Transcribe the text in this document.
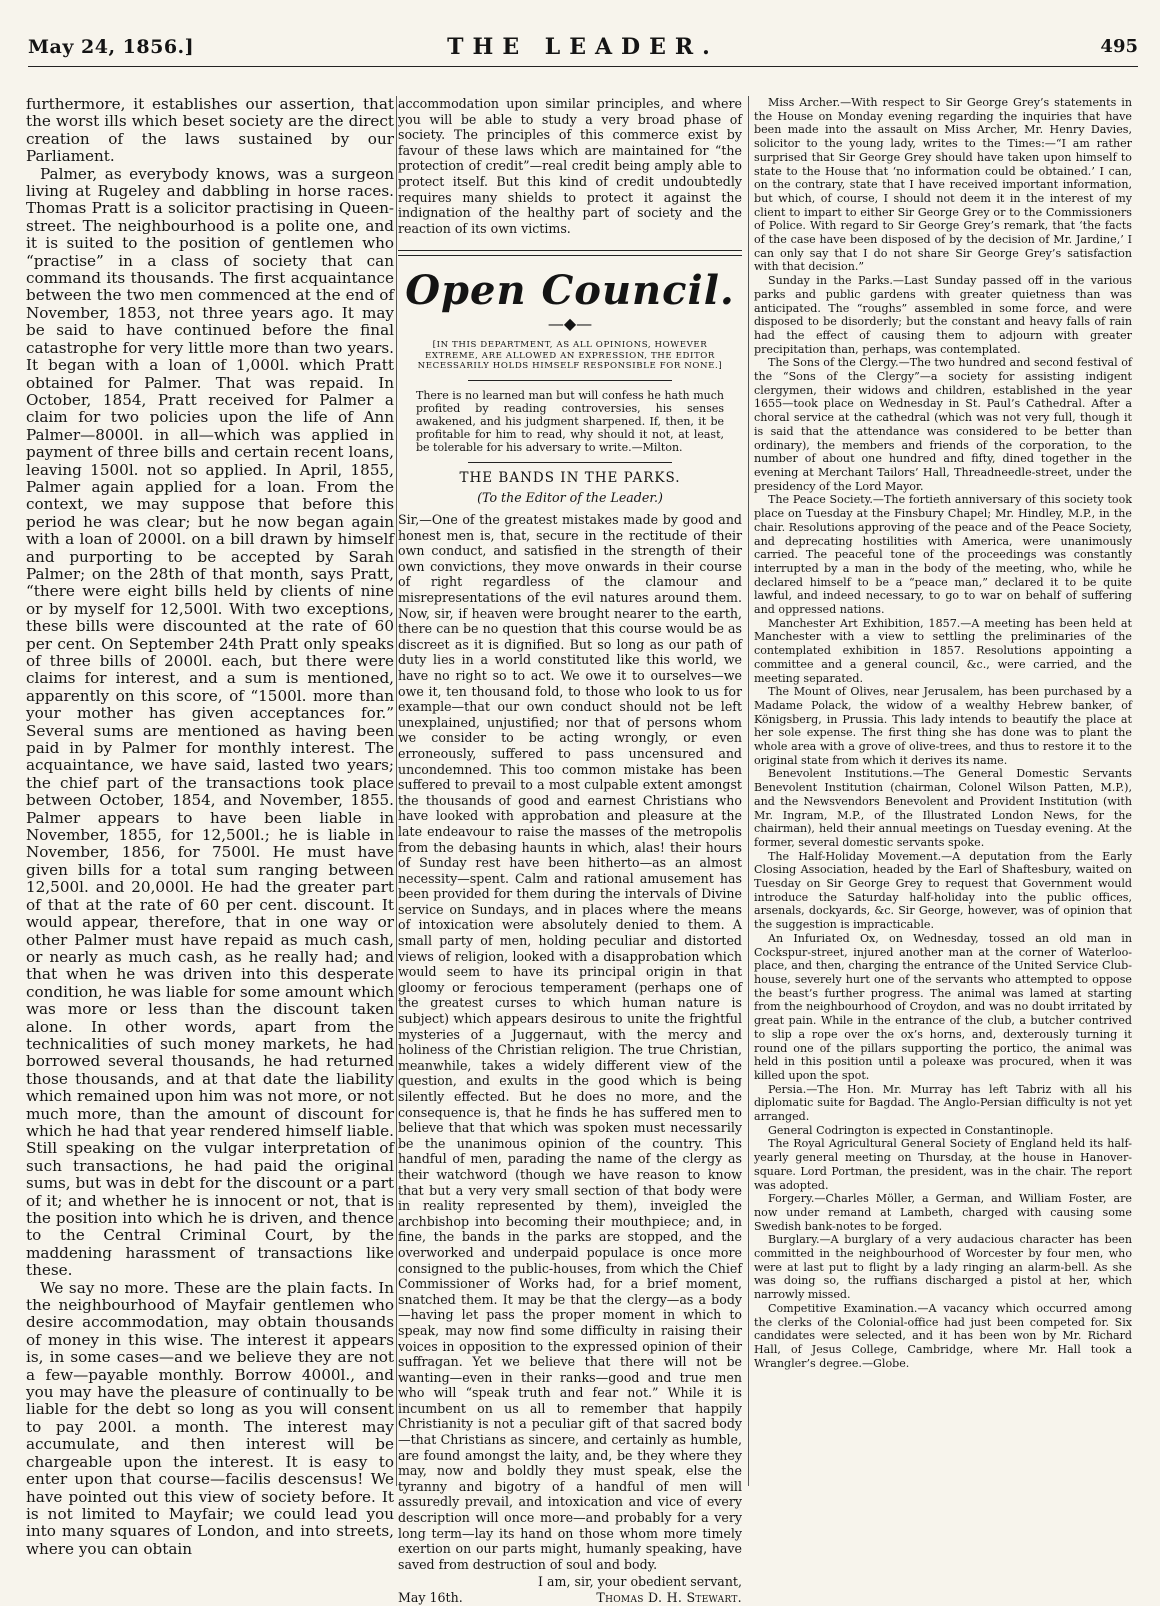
May 24, 1856.]	THE LEADER.	495

furthermore, it establishes our assertion, that the worst ills which beset society are the direct creation of the laws sustained by our Parliament.

Palmer, as everybody knows, was a surgeon living at Rugeley and dabbling in horse races. Thomas Pratt is a solicitor practising in Queen-street. The neighbourhood is a polite one, and it is suited to the position of gentlemen who “practise” in a class of society that can command its thousands. The first acquaintance between the two men commenced at the end of November, 1853, not three years ago. It may be said to have continued before the final catastrophe for very little more than two years. It began with a loan of 1,000l. which Pratt obtained for Palmer. That was repaid. In October, 1854, Pratt received for Palmer a claim for two policies upon the life of Ann Palmer—8000l. in all—which was applied in payment of three bills and certain recent loans, leaving 1500l. not so applied. In April, 1855, Palmer again applied for a loan. From the context, we may suppose that before this period he was clear; but he now began again with a loan of 2000l. on a bill drawn by himself and purporting to be accepted by Sarah Palmer; on the 28th of that month, says Pratt, “there were eight bills held by clients of nine or by myself for 12,500l. With two exceptions, these bills were discounted at the rate of 60 per cent. On September 24th Pratt only speaks of three bills of 2000l. each, but there were claims for interest, and a sum is mentioned, apparently on this score, of “1500l. more than your mother has given acceptances for.” Several sums are mentioned as having been paid in by Palmer for monthly interest. The acquaintance, we have said, lasted two years; the chief part of the transactions took place between October, 1854, and November, 1855. Palmer appears to have been liable in November, 1855, for 12,500l.; he is liable in November, 1856, for 7500l. He must have given bills for a total sum ranging between 12,500l. and 20,000l. He had the greater part of that at the rate of 60 per cent. discount. It would appear, therefore, that in one way or other Palmer must have repaid as much cash, or nearly as much cash, as he really had; and that when he was driven into this desperate condition, he was liable for some amount which was more or less than the discount taken alone. In other words, apart from the technicalities of such money markets, he had borrowed several thousands, he had returned those thousands, and at that date the liability which remained upon him was not more, or not much more, than the amount of discount for which he had that year rendered himself liable. Still speaking on the vulgar interpretation of such transactions, he had paid the original sums, but was in debt for the discount or a part of it; and whether he is innocent or not, that is the position into which he is driven, and thence to the Central Criminal Court, by the maddening harassment of transactions like these.

We say no more. These are the plain facts. In the neighbourhood of Mayfair gentlemen who desire accommodation, may obtain thousands of money in this wise. The interest it appears is, in some cases—and we believe they are not a few—payable monthly. Borrow 4000l., and you may have the pleasure of continually to be liable for the debt so long as you will consent to pay 200l. a month. The interest may accumulate, and then interest will be chargeable upon the interest. It is easy to enter upon that course—facilis descensus! We have pointed out this view of society before. It is not limited to Mayfair; we could lead you into many squares of London, and into streets, where you can obtain

accommodation upon similar principles, and where you will be able to study a very broad phase of society. The principles of this commerce exist by favour of these laws which are maintained for “the protection of credit”—real credit being amply able to protect itself. But this kind of credit undoubtedly requires many shields to protect it against the indignation of the healthy part of society and the reaction of its own victims.

Open Council.
—◆—
[IN THIS DEPARTMENT, AS ALL OPINIONS, HOWEVER EXTREME, ARE ALLOWED AN EXPRESSION, THE EDITOR NECESSARILY HOLDS HIMSELF RESPONSIBLE FOR NONE.]
There is no learned man but will confess he hath much profited by reading controversies, his senses awakened, and his judgment sharpened. If, then, it be profitable for him to read, why should it not, at least, be tolerable for his adversary to write.—Milton.
THE BANDS IN THE PARKS.
(To the Editor of the Leader.)

Sir,—One of the greatest mistakes made by good and honest men is, that, secure in the rectitude of their own conduct, and satisfied in the strength of their own convictions, they move onwards in their course of right regardless of the clamour and misrepresentations of the evil natures around them. Now, sir, if heaven were brought nearer to the earth, there can be no question that this course would be as discreet as it is dignified. But so long as our path of duty lies in a world constituted like this world, we have no right so to act. We owe it to ourselves—we owe it, ten thousand fold, to those who look to us for example—that our own conduct should not be left unexplained, unjustified; nor that of persons whom we consider to be acting wrongly, or even erroneously, suffered to pass uncensured and uncondemned. This too common mistake has been suffered to prevail to a most culpable extent amongst the thousands of good and earnest Christians who have looked with approbation and pleasure at the late endeavour to raise the masses of the metropolis from the debasing haunts in which, alas! their hours of Sunday rest have been hitherto—as an almost necessity—spent. Calm and rational amusement has been provided for them during the intervals of Divine service on Sundays, and in places where the means of intoxication were absolutely denied to them. A small party of men, holding peculiar and distorted views of religion, looked with a disapprobation which would seem to have its principal origin in that gloomy or ferocious temperament (perhaps one of the greatest curses to which human nature is subject) which appears desirous to unite the frightful mysteries of a Juggernaut, with the mercy and holiness of the Christian religion. The true Christian, meanwhile, takes a widely different view of the question, and exults in the good which is being silently effected. But he does no more, and the consequence is, that he finds he has suffered men to believe that that which was spoken must necessarily be the unanimous opinion of the country. This handful of men, parading the name of the clergy as their watchword (though we have reason to know that but a very very small section of that body were in reality represented by them), inveigled the archbishop into becoming their mouthpiece; and, in fine, the bands in the parks are stopped, and the overworked and underpaid populace is once more consigned to the public-houses, from which the Chief Commissioner of Works had, for a brief moment, snatched them. It may be that the clergy—as a body—having let pass the proper moment in which to speak, may now find some difficulty in raising their voices in opposition to the expressed opinion of their suffragan. Yet we believe that there will not be wanting—even in their ranks—good and true men who will “speak truth and fear not.” While it is incumbent on us all to remember that happily Christianity is not a peculiar gift of that sacred body—that Christians as sincere, and certainly as humble, are found amongst the laity, and, be they where they may, now and boldly they must speak, else the tyranny and bigotry of a handful of men will assuredly prevail, and intoxication and vice of every description will once more—and probably for a very long term—lay its hand on those whom more timely exertion on our parts might, humanly speaking, have saved from destruction of soul and body.

I am, sir, your obedient servant,
May 16th.	Thomas D. H. Stewart.

Miss Archer.—With respect to Sir George Grey’s statements in the House on Monday evening regarding the inquiries that have been made into the assault on Miss Archer, Mr. Henry Davies, solicitor to the young lady, writes to the Times:—“I am rather surprised that Sir George Grey should have taken upon himself to state to the House that ‘no information could be obtained.’ I can, on the contrary, state that I have received important information, but which, of course, I should not deem it in the interest of my client to impart to either Sir George Grey or to the Commissioners of Police. With regard to Sir George Grey’s remark, that ‘the facts of the case have been disposed of by the decision of Mr. Jardine,’ I can only say that I do not share Sir George Grey’s satisfaction with that decision.”

Sunday in the Parks.—Last Sunday passed off in the various parks and public gardens with greater quietness than was anticipated. The “roughs” assembled in some force, and were disposed to be disorderly; but the constant and heavy falls of rain had the effect of causing them to adjourn with greater precipitation than, perhaps, was contemplated.

The Sons of the Clergy.—The two hundred and second festival of the “Sons of the Clergy”—a society for assisting indigent clergymen, their widows and children, established in the year 1655—took place on Wednesday in St. Paul’s Cathedral. After a choral service at the cathedral (which was not very full, though it is said that the attendance was considered to be better than ordinary), the members and friends of the corporation, to the number of about one hundred and fifty, dined together in the evening at Merchant Tailors’ Hall, Threadneedle-street, under the presidency of the Lord Mayor.

The Peace Society.—The fortieth anniversary of this society took place on Tuesday at the Finsbury Chapel; Mr. Hindley, M.P., in the chair. Resolutions approving of the peace and of the Peace Society, and deprecating hostilities with America, were unanimously carried. The peaceful tone of the proceedings was constantly interrupted by a man in the body of the meeting, who, while he declared himself to be a “peace man,” declared it to be quite lawful, and indeed necessary, to go to war on behalf of suffering and oppressed nations.

Manchester Art Exhibition, 1857.—A meeting has been held at Manchester with a view to settling the preliminaries of the contemplated exhibition in 1857. Resolutions appointing a committee and a general council, &c., were carried, and the meeting separated.

The Mount of Olives, near Jerusalem, has been purchased by a Madame Polack, the widow of a wealthy Hebrew banker, of Königsberg, in Prussia. This lady intends to beautify the place at her sole expense. The first thing she has done was to plant the whole area with a grove of olive-trees, and thus to restore it to the original state from which it derives its name.

Benevolent Institutions.—The General Domestic Servants Benevolent Institution (chairman, Colonel Wilson Patten, M.P.), and the Newsvendors Benevolent and Provident Institution (with Mr. Ingram, M.P., of the Illustrated London News, for the chairman), held their annual meetings on Tuesday evening. At the former, several domestic servants spoke.

The Half-Holiday Movement.—A deputation from the Early Closing Association, headed by the Earl of Shaftesbury, waited on Tuesday on Sir George Grey to request that Government would introduce the Saturday half-holiday into the public offices, arsenals, dockyards, &c. Sir George, however, was of opinion that the suggestion is impracticable.

An Infuriated Ox, on Wednesday, tossed an old man in Cockspur-street, injured another man at the corner of Waterloo-place, and then, charging the entrance of the United Service Club-house, severely hurt one of the servants who attempted to oppose the beast’s further progress. The animal was lamed at starting from the neighbourhood of Croydon, and was no doubt irritated by great pain. While in the entrance of the club, a butcher contrived to slip a rope over the ox’s horns, and, dexterously turning it round one of the pillars supporting the portico, the animal was held in this position until a poleaxe was procured, when it was killed upon the spot.

Persia.—The Hon. Mr. Murray has left Tabriz with all his diplomatic suite for Bagdad. The Anglo-Persian difficulty is not yet arranged.

General Codrington is expected in Constantinople.

The Royal Agricultural General Society of England held its half-yearly general meeting on Thursday, at the house in Hanover-square. Lord Portman, the president, was in the chair. The report was adopted.

Forgery.—Charles Möller, a German, and William Foster, are now under remand at Lambeth, charged with causing some Swedish bank-notes to be forged.

Burglary.—A burglary of a very audacious character has been committed in the neighbourhood of Worcester by four men, who were at last put to flight by a lady ringing an alarm-bell. As she was doing so, the ruffians discharged a pistol at her, which narrowly missed.

Competitive Examination.—A vacancy which occurred among the clerks of the Colonial-office had just been competed for. Six candidates were selected, and it has been won by Mr. Richard Hall, of Jesus College, Cambridge, where Mr. Hall took a Wrangler’s degree.—Globe.
